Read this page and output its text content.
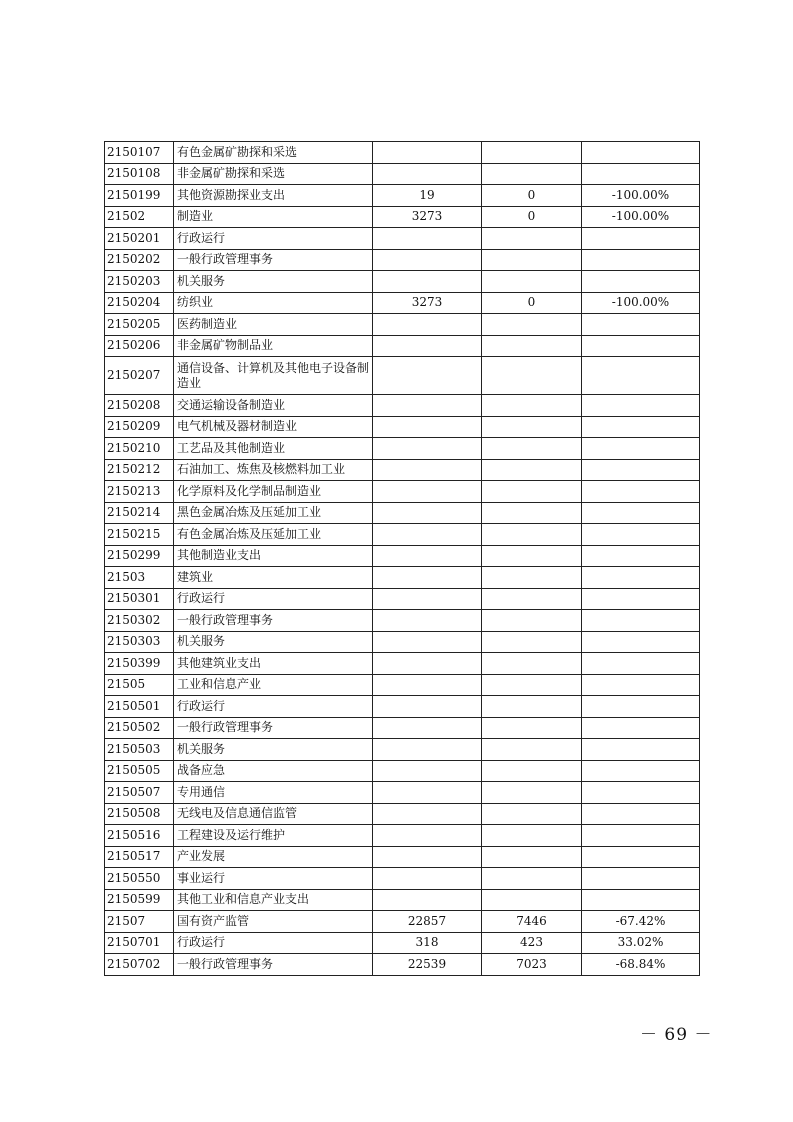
2150107	有色金属矿勘探和采选			
2150108	非金属矿勘探和采选			
2150199	其他资源勘探业支出	19	0	-100.00%
21502	制造业	3273	0	-100.00%
2150201	行政运行			
2150202	一般行政管理事务			
2150203	机关服务			
2150204	纺织业	3273	0	-100.00%
2150205	医药制造业			
2150206	非金属矿物制品业			
2150207	通信设备、计算机及其他电子设备制造业			
2150208	交通运输设备制造业			
2150209	电气机械及器材制造业			
2150210	工艺品及其他制造业			
2150212	石油加工、炼焦及核燃料加工业			
2150213	化学原料及化学制品制造业			
2150214	黑色金属冶炼及压延加工业			
2150215	有色金属冶炼及压延加工业			
2150299	其他制造业支出			
21503	建筑业			
2150301	行政运行			
2150302	一般行政管理事务			
2150303	机关服务			
2150399	其他建筑业支出			
21505	工业和信息产业			
2150501	行政运行			
2150502	一般行政管理事务			
2150503	机关服务			
2150505	战备应急			
2150507	专用通信			
2150508	无线电及信息通信监管			
2150516	工程建设及运行维护			
2150517	产业发展			
2150550	事业运行			
2150599	其他工业和信息产业支出			
21507	国有资产监管	22857	7446	-67.42%
2150701	行政运行	318	423	33.02%
2150702	一般行政管理事务	22539	7023	-68.84%
－ 69 －
